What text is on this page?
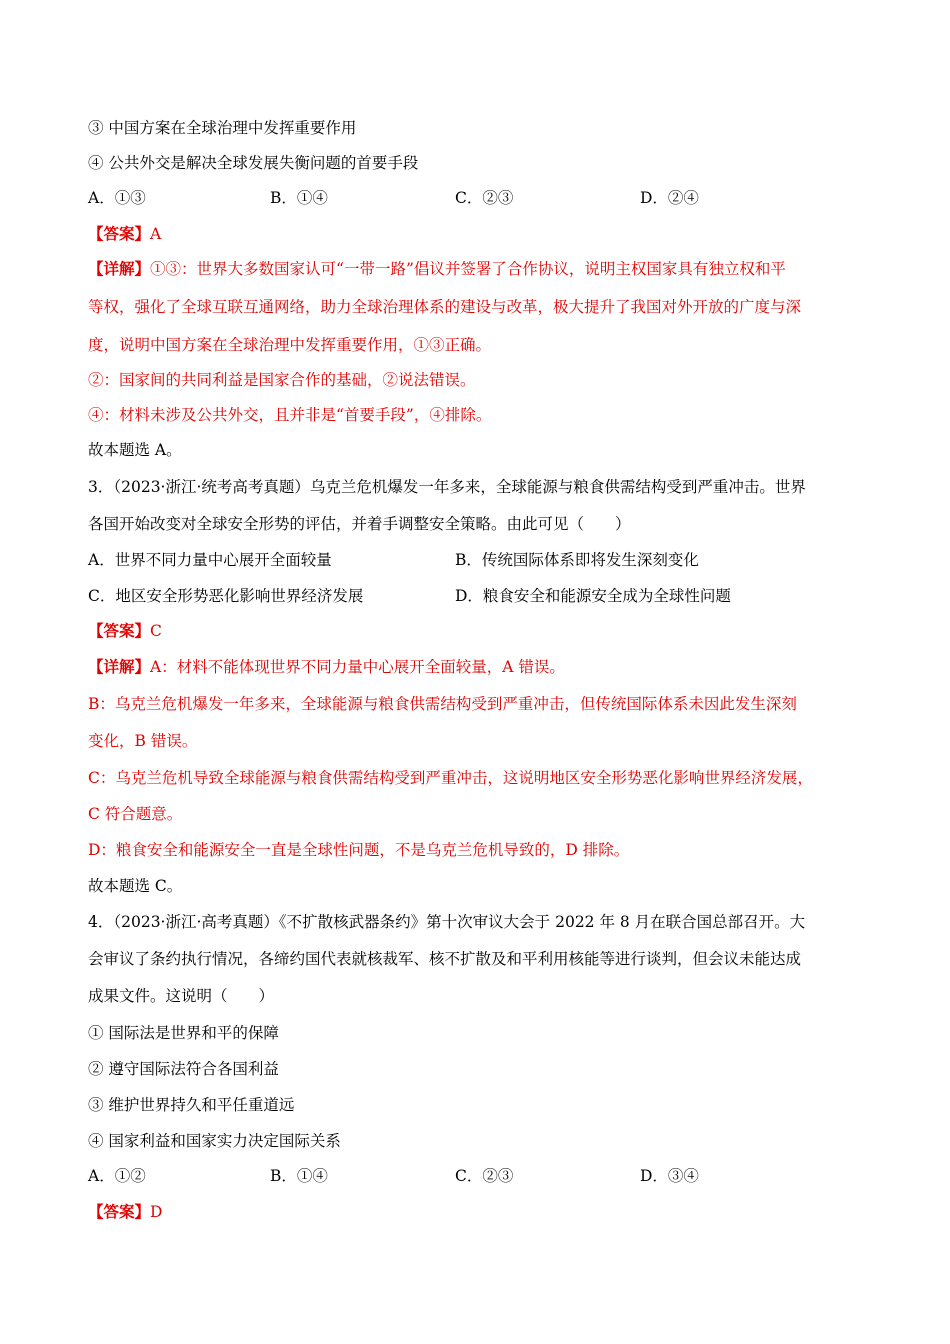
③ 中国方案在全球治理中发挥重要作用
④ 公共外交是解决全球发展失衡问题的首要手段
A．①③	B．①④	C．②③	D．②④
【答案】A
【详解】①③：世界大多数国家认可“一带一路”倡议并签署了合作协议，说明主权国家具有独立权和平
等权，强化了全球互联互通网络，助力全球治理体系的建设与改革，极大提升了我国对外开放的广度与深
度，说明中国方案在全球治理中发挥重要作用，①③正确。
②：国家间的共同利益是国家合作的基础，②说法错误。
④：材料未涉及公共外交，且并非是“首要手段”，④排除。
故本题选 A。
3．（2023·浙江·统考高考真题）乌克兰危机爆发一年多来，全球能源与粮食供需结构受到严重冲击。世界
各国开始改变对全球安全形势的评估，并着手调整安全策略。由此可见（　　）
A．世界不同力量中心展开全面较量	B．传统国际体系即将发生深刻变化
C．地区安全形势恶化影响世界经济发展	D．粮食安全和能源安全成为全球性问题
【答案】C
【详解】A：材料不能体现世界不同力量中心展开全面较量，A 错误。
B：乌克兰危机爆发一年多来，全球能源与粮食供需结构受到严重冲击，但传统国际体系未因此发生深刻
变化，B 错误。
C：乌克兰危机导致全球能源与粮食供需结构受到严重冲击，这说明地区安全形势恶化影响世界经济发展，
C 符合题意。
D：粮食安全和能源安全一直是全球性问题，不是乌克兰危机导致的，D 排除。
故本题选 C。
4．（2023·浙江·高考真题）《不扩散核武器条约》第十次审议大会于 2022 年 8 月在联合国总部召开。大
会审议了条约执行情况，各缔约国代表就核裁军、核不扩散及和平利用核能等进行谈判，但会议未能达成
成果文件。这说明（　　）
① 国际法是世界和平的保障
② 遵守国际法符合各国利益
③ 维护世界持久和平任重道远
④ 国家利益和国家实力决定国际关系
A．①②	B．①④	C．②③	D．③④
【答案】D
